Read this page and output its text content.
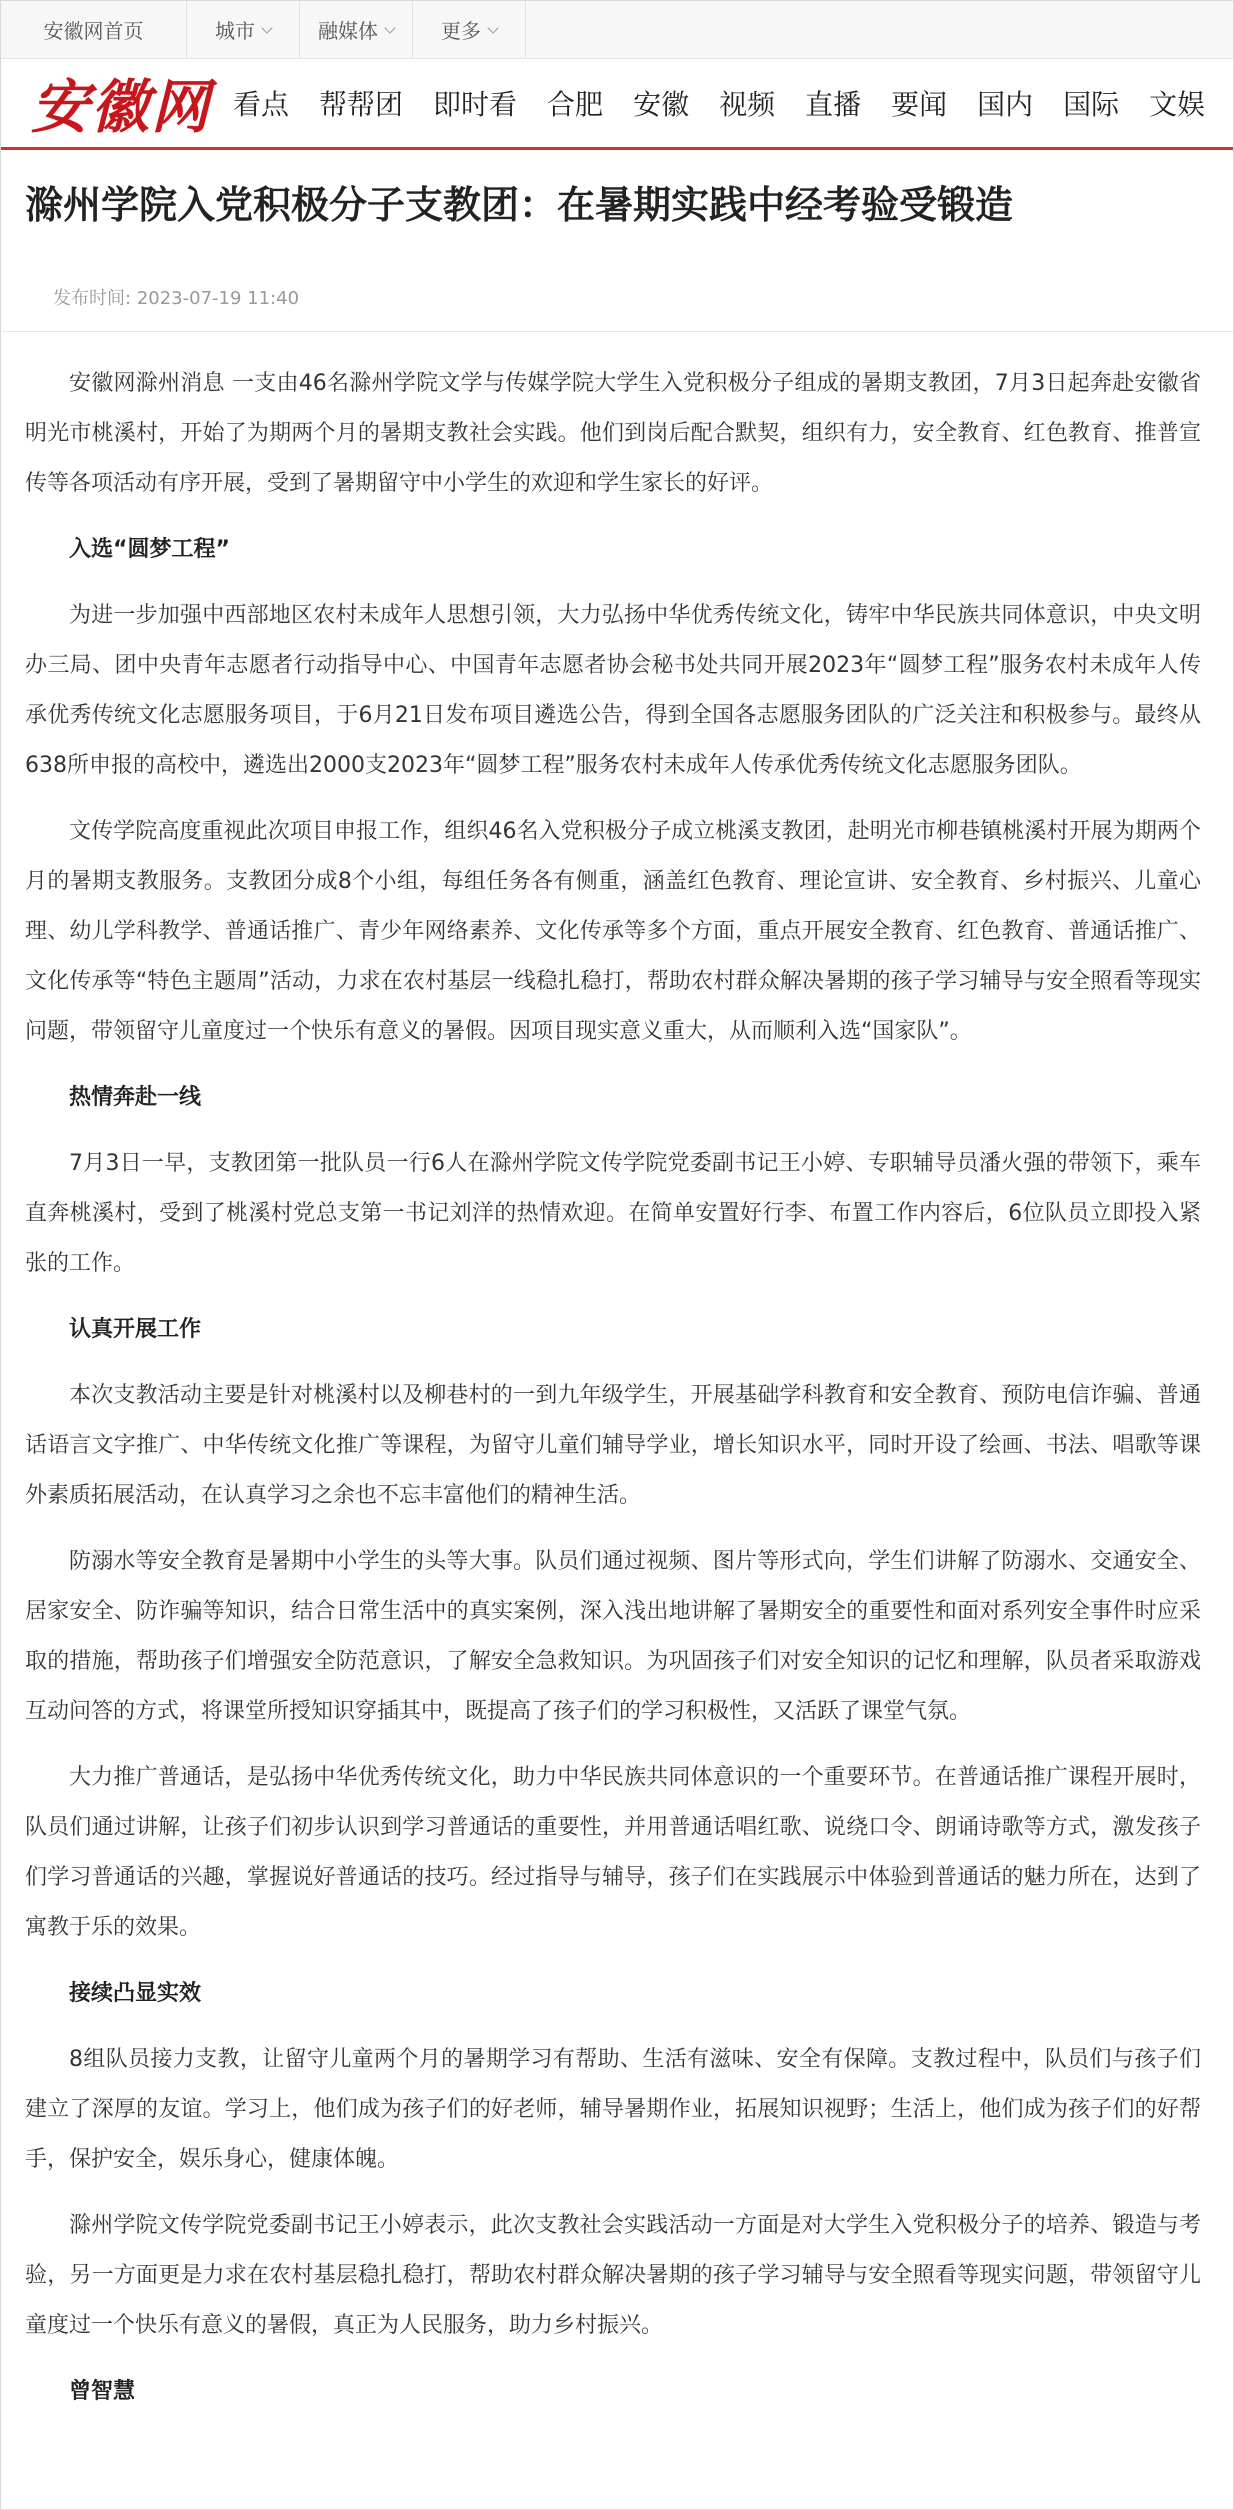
安徽网首页	城市	融媒体	更多
安徽网 看点 帮帮团 即时看 合肥 安徽 视频 直播 要闻 国内 国际 文娱
滁州学院入党积极分子支教团：在暑期实践中经考验受锻造
发布时间: 2023-07-19 11:40

安徽网滁州消息 一支由46名滁州学院文学与传媒学院大学生入党积极分子组成的暑期支教团，7月3日起奔赴安徽省明光市桃溪村，开始了为期两个月的暑期支教社会实践。他们到岗后配合默契，组织有力，安全教育、红色教育、推普宣传等各项活动有序开展，受到了暑期留守中小学生的欢迎和学生家长的好评。

入选“圆梦工程”

为进一步加强中西部地区农村未成年人思想引领，大力弘扬中华优秀传统文化，铸牢中华民族共同体意识，中央文明办三局、团中央青年志愿者行动指导中心、中国青年志愿者协会秘书处共同开展2023年“圆梦工程”服务农村未成年人传承优秀传统文化志愿服务项目，于6月21日发布项目遴选公告，得到全国各志愿服务团队的广泛关注和积极参与。最终从638所申报的高校中，遴选出2000支2023年“圆梦工程”服务农村未成年人传承优秀传统文化志愿服务团队。

文传学院高度重视此次项目申报工作，组织46名入党积极分子成立桃溪支教团，赴明光市柳巷镇桃溪村开展为期两个月的暑期支教服务。支教团分成8个小组，每组任务各有侧重，涵盖红色教育、理论宣讲、安全教育、乡村振兴、儿童心理、幼儿学科教学、普通话推广、青少年网络素养、文化传承等多个方面，重点开展安全教育、红色教育、普通话推广、文化传承等“特色主题周”活动，力求在农村基层一线稳扎稳打，帮助农村群众解决暑期的孩子学习辅导与安全照看等现实问题，带领留守儿童度过一个快乐有意义的暑假。因项目现实意义重大，从而顺利入选“国家队”。

热情奔赴一线

7月3日一早，支教团第一批队员一行6人在滁州学院文传学院党委副书记王小婷、专职辅导员潘火强的带领下，乘车直奔桃溪村，受到了桃溪村党总支第一书记刘洋的热情欢迎。在简单安置好行李、布置工作内容后，6位队员立即投入紧张的工作。

认真开展工作

本次支教活动主要是针对桃溪村以及柳巷村的一到九年级学生，开展基础学科教育和安全教育、预防电信诈骗、普通话语言文字推广、中华传统文化推广等课程，为留守儿童们辅导学业，增长知识水平，同时开设了绘画、书法、唱歌等课外素质拓展活动，在认真学习之余也不忘丰富他们的精神生活。

防溺水等安全教育是暑期中小学生的头等大事。队员们通过视频、图片等形式向，学生们讲解了防溺水、交通安全、居家安全、防诈骗等知识，结合日常生活中的真实案例，深入浅出地讲解了暑期安全的重要性和面对系列安全事件时应采取的措施，帮助孩子们增强安全防范意识，了解安全急救知识。为巩固孩子们对安全知识的记忆和理解，队员者采取游戏互动问答的方式，将课堂所授知识穿插其中，既提高了孩子们的学习积极性，又活跃了课堂气氛。

大力推广普通话，是弘扬中华优秀传统文化，助力中华民族共同体意识的一个重要环节。在普通话推广课程开展时，队员们通过讲解，让孩子们初步认识到学习普通话的重要性，并用普通话唱红歌、说绕口令、朗诵诗歌等方式，激发孩子们学习普通话的兴趣，掌握说好普通话的技巧。经过指导与辅导，孩子们在实践展示中体验到普通话的魅力所在，达到了寓教于乐的效果。

接续凸显实效

8组队员接力支教，让留守儿童两个月的暑期学习有帮助、生活有滋味、安全有保障。支教过程中，队员们与孩子们建立了深厚的友谊。学习上，他们成为孩子们的好老师，辅导暑期作业，拓展知识视野；生活上，他们成为孩子们的好帮手，保护安全，娱乐身心，健康体魄。

滁州学院文传学院党委副书记王小婷表示，此次支教社会实践活动一方面是对大学生入党积极分子的培养、锻造与考验，另一方面更是力求在农村基层稳扎稳打，帮助农村群众解决暑期的孩子学习辅导与安全照看等现实问题，带领留守儿童度过一个快乐有意义的暑假，真正为人民服务，助力乡村振兴。

曾智慧
